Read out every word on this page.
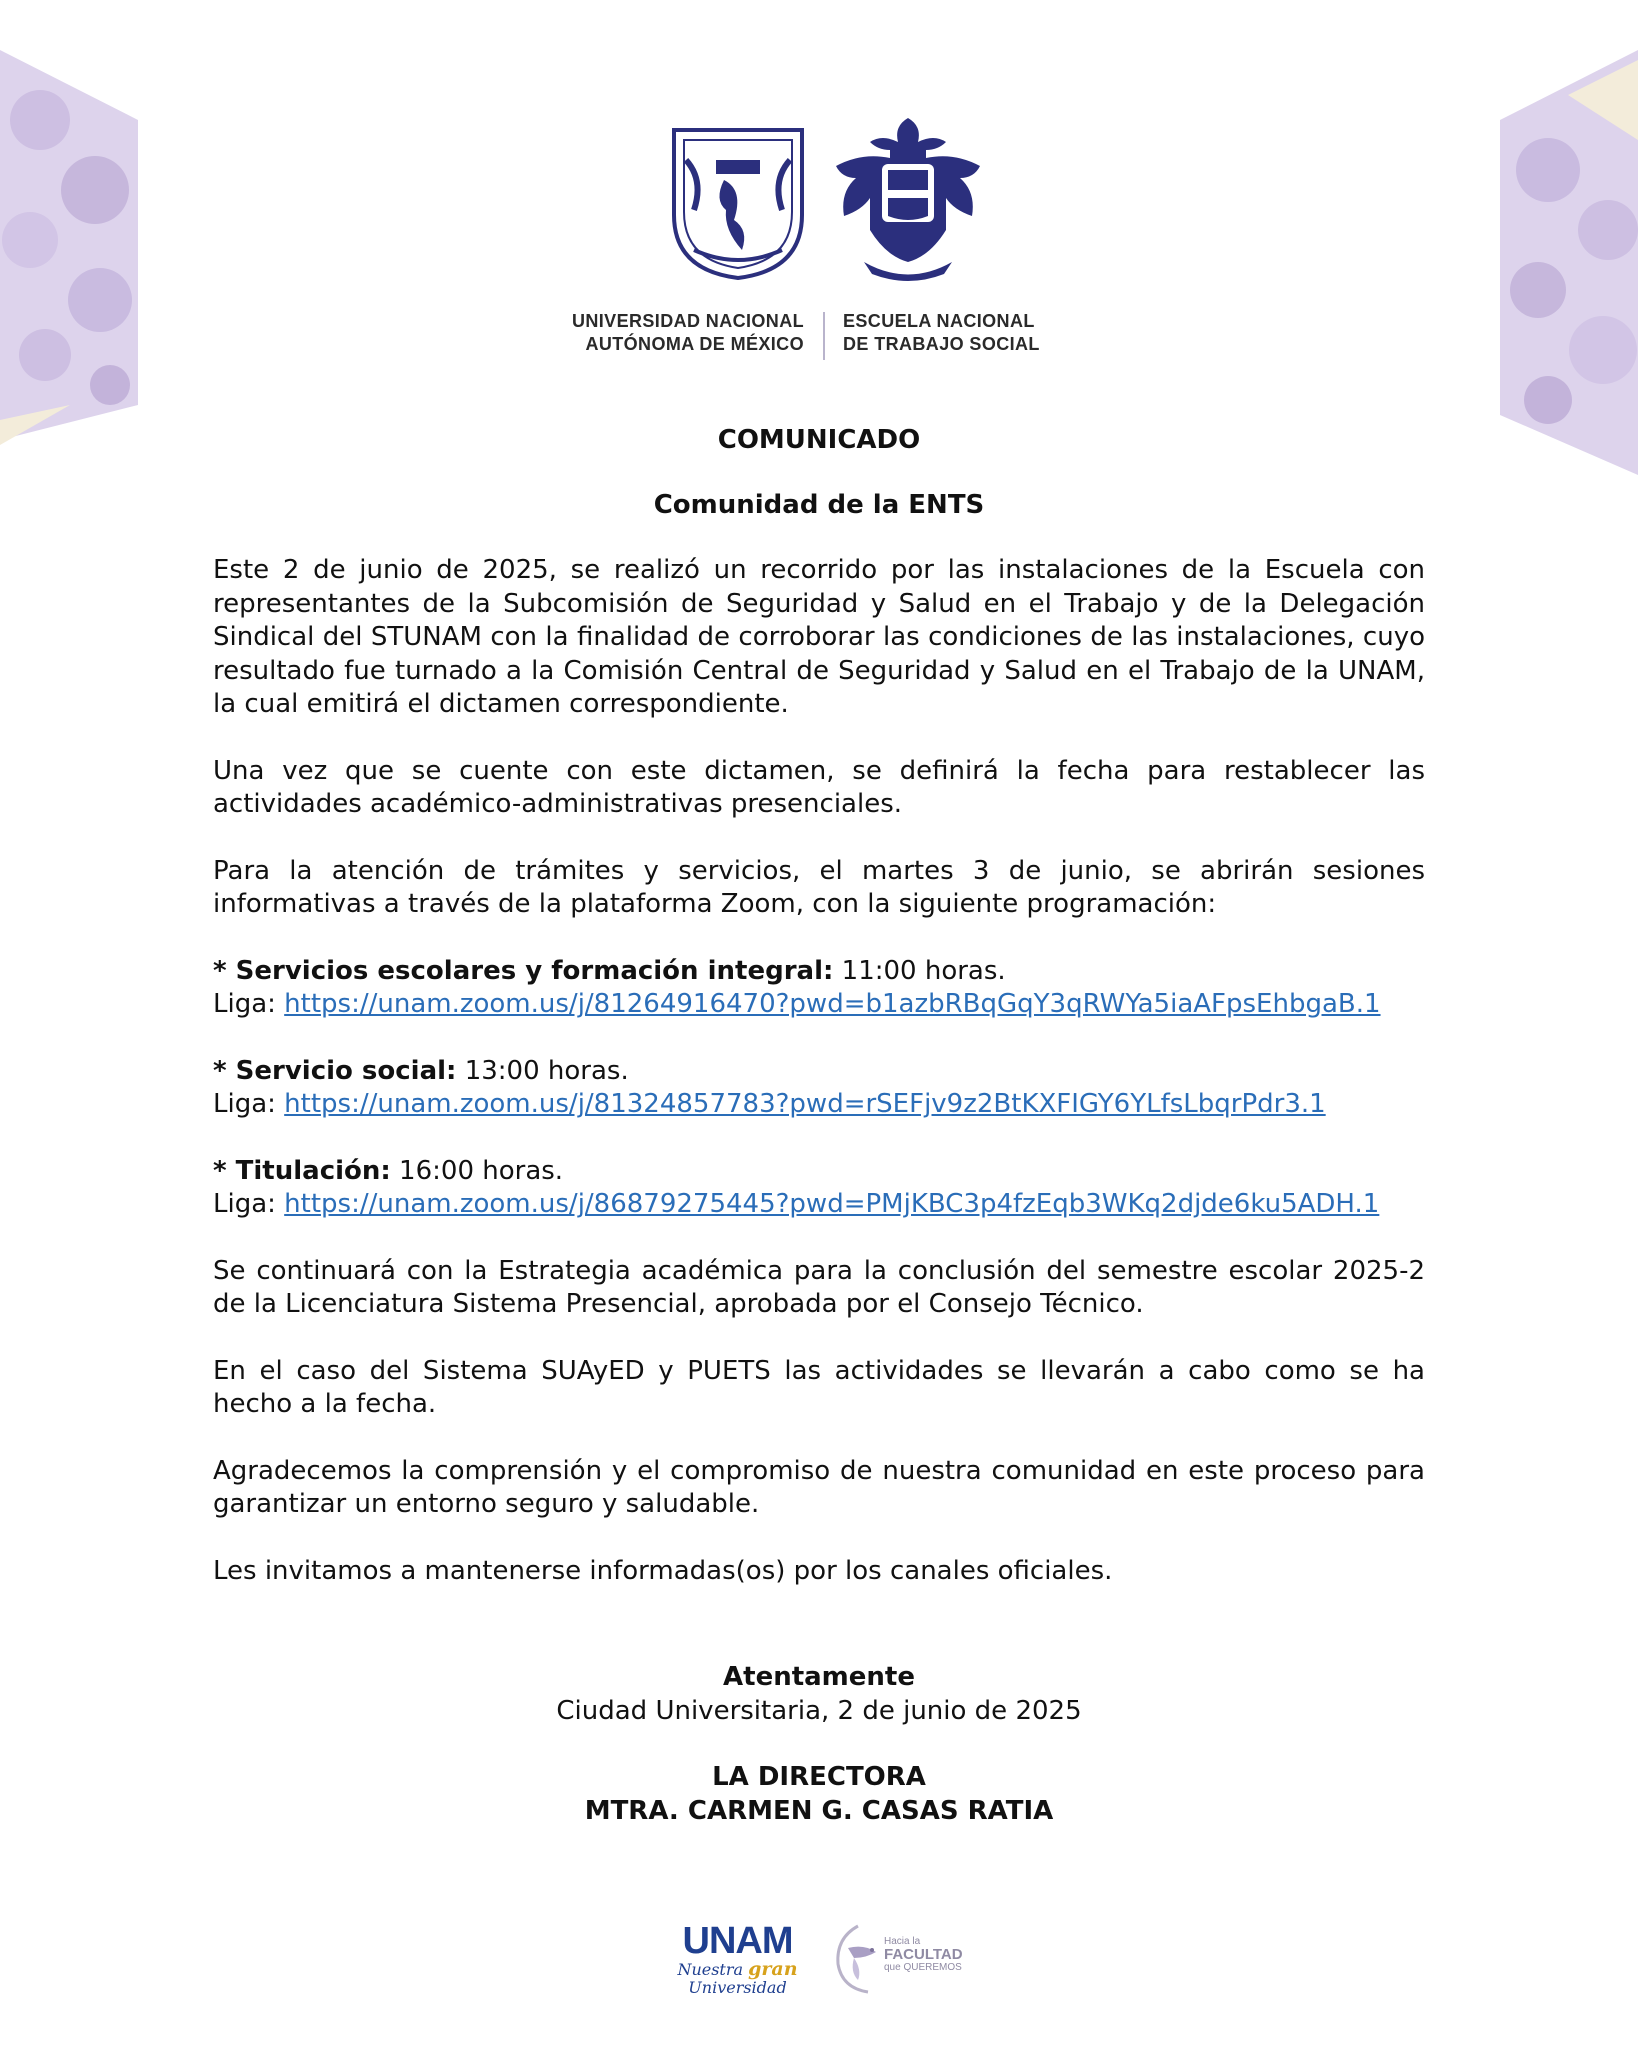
UNIVERSIDAD NACIONAL
AUTÓNOMA DE MÉXICO
ESCUELA NACIONAL
DE TRABAJO SOCIAL

COMUNICADO

Comunidad de la ENTS

Este 2 de junio de 2025, se realizó un recorrido por las instalaciones de la Escuela con representantes de la Subcomisión de Seguridad y Salud en el Trabajo y de la Delegación Sindical del STUNAM con la finalidad de corroborar las condiciones de las instalaciones, cuyo resultado fue turnado a la Comisión Central de Seguridad y Salud en el Trabajo de la UNAM, la cual emitirá el dictamen correspondiente.

Una vez que se cuente con este dictamen, se definirá la fecha para restablecer las actividades académico-administrativas presenciales.

Para la atención de trámites y servicios, el martes 3 de junio, se abrirán sesiones informativas a través de la plataforma Zoom, con la siguiente programación:

* Servicios escolares y formación integral: 11:00 horas.
Liga: https://unam.zoom.us/j/81264916470?pwd=b1azbRBqGqY3qRWYa5iaAFpsEhbgaB.1
* Servicio social: 13:00 horas.
Liga: https://unam.zoom.us/j/81324857783?pwd=rSEFjv9z2BtKXFIGY6YLfsLbqrPdr3.1
* Titulación: 16:00 horas.
Liga: https://unam.zoom.us/j/86879275445?pwd=PMjKBC3p4fzEqb3WKq2djde6ku5ADH.1

Se continuará con la Estrategia académica para la conclusión del semestre escolar 2025-2 de la Licenciatura Sistema Presencial, aprobada por el Consejo Técnico.

En el caso del Sistema SUAyED y PUETS las actividades se llevarán a cabo como se ha hecho a la fecha.

Agradecemos la comprensión y el compromiso de nuestra comunidad en este proceso para garantizar un entorno seguro y saludable.

Les invitamos a mantenerse informadas(os) por los canales oficiales.

Atentamente
Ciudad Universitaria, 2 de junio de 2025
LA DIRECTORA
MTRA. CARMEN G. CASAS RATIA
UNAM
Nuestra gran
Universidad
Hacia la
FACULTAD
que QUEREMOS
